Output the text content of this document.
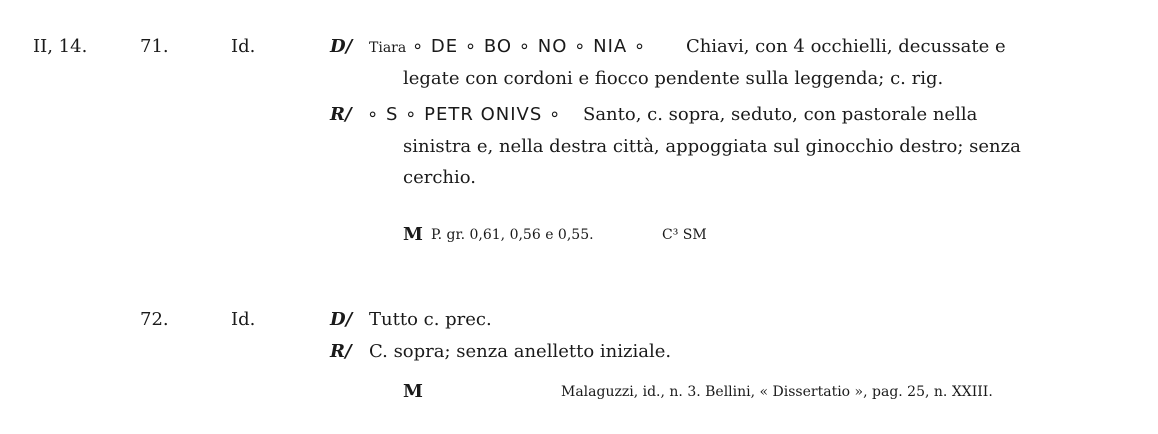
II, 14.	71.	Id.	D/ Tiara ∘ DE ∘ BO ∘ NO ∘ NIA ∘ Chiavi, con 4 occhielli, decussate e
legate con cordoni e fiocco pendente sulla leggenda; c. rig.
R/ ∘ S ∘ PETR ONIVS ∘ Santo, c. sopra, seduto, con pastorale nella
sinistra e, nella destra città, appoggiata sul ginocchio destro; senza
cerchio.
M P. gr. 0,61, 0,56 e 0,55.	C³ SM
72.	Id.	D/ Tutto c. prec.
R/ C. sopra; senza anelletto iniziale.
M	Malaguzzi, id., n. 3. Bellini, « Dissertatio », pag. 25, n. XXIII.
